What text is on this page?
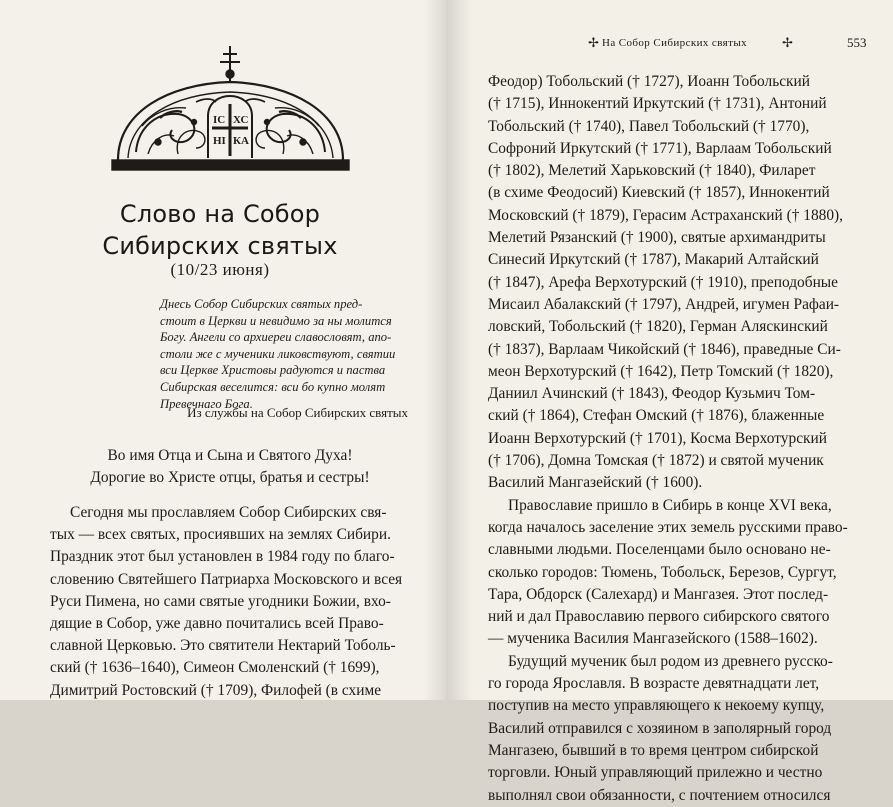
ІС ХС
НІ КА
Слово на Собор
Сибирских святых
(10/23 июня)
Днесь Собор Сибирских святых пред-
стоит в Церкви и невидимо за ны молится
Богу. Ангели со архиереи славословят, апо-
столи же с мученики ликовствуют, святии
вси Церкве Христовы радуются и паства
Сибирская веселится: вси бо купно молят
Превечнаго Бога.
Из службы на Собор Сибирских святых
Во имя Отца и Сына и Святого Духа!
Дорогие во Христе отцы, братья и сестры!
Сегодня мы прославляем Собор Сибирских свя-
тых — всех святых, просиявших на землях Сибири.
Праздник этот был установлен в 1984 году по благо-
словению Святейшего Патриарха Московского и всея
Руси Пимена, но сами святые угодники Божии, вхо-
дящие в Собор, уже давно почитались всей Право-
славной Церковью. Это святители Нектарий Тоболь-
ский († 1636–1640), Симеон Смоленский († 1699),
Димитрий Ростовский († 1709), Филофей (в схиме
✢ На Собор Сибирских святых	✢	553
Феодор) Тобольский († 1727), Иоанн Тобольский
(† 1715), Иннокентий Иркутский († 1731), Антоний
Тобольский († 1740), Павел Тобольский († 1770),
Софроний Иркутский († 1771), Варлаам Тобольский
(† 1802), Мелетий Харьковский († 1840), Филарет
(в схиме Феодосий) Киевский († 1857), Иннокентий
Московский († 1879), Герасим Астраханский († 1880),
Мелетий Рязанский († 1900), святые архимандриты
Синесий Иркутский († 1787), Макарий Алтайский
(† 1847), Арефа Верхотурский († 1910), преподобные
Мисаил Абалакский († 1797), Андрей, игумен Рафаи-
ловский, Тобольский († 1820), Герман Аляскинский
(† 1837), Варлаам Чикойский († 1846), праведные Си-
меон Верхотурский († 1642), Петр Томский († 1820),
Даниил Ачинский († 1843), Феодор Кузьмич Том-
ский († 1864), Стефан Омский († 1876), блаженные
Иоанн Верхотурский († 1701), Косма Верхотурский
(† 1706), Домна Томская († 1872) и святой мученик
Василий Мангазейский († 1600).
Православие пришло в Сибирь в конце XVI века,
когда началось заселение этих земель русскими право-
славными людьми. Поселенцами было основано не-
сколько городов: Тюмень, Тобольск, Березов, Сургут,
Тара, Обдорск (Салехард) и Мангазея. Этот послед-
ний и дал Православию первого сибирского святого
— мученика Василия Мангазейского (1588–1602).
Будущий мученик был родом из древнего русско-
го города Ярославля. В возрасте девятнадцати лет,
поступив на место управляющего к некоему купцу,
Василий отправился с хозяином в заполярный город
Мангазею, бывший в то время центром сибирской
торговли. Юный управляющий прилежно и честно
выполнял свои обязанности, с почтением относился
